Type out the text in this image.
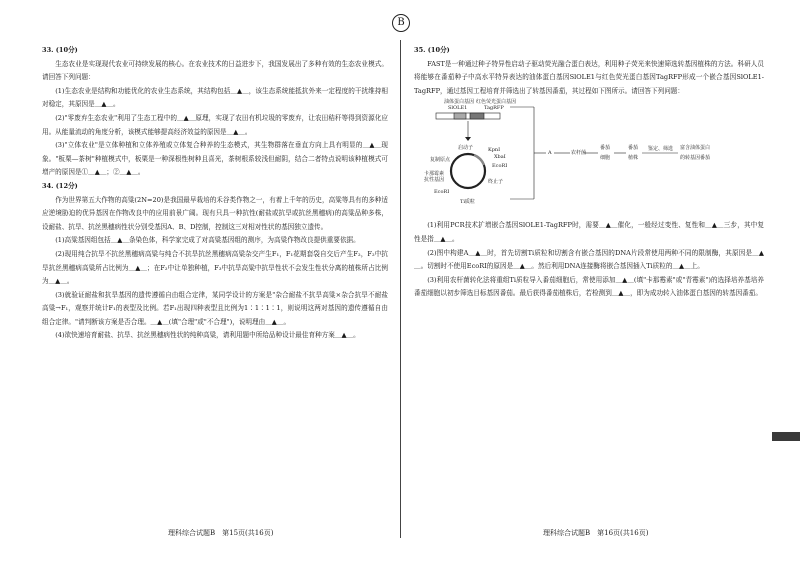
B

33. (10分)

生态农业是实现现代农业可持续发展的核心。在农业技术的日益进步下，我国发展出了多种有效的生态农业模式。请回答下列问题：

(1)生态农业是结构和功能优化的农业生态系统，其结构包括＿▲＿，该生态系统能抵抗外来一定程度的干扰维持相对稳定，其原因是＿▲＿。

(2)"零废弃生态农业"利用了生态工程中的＿▲＿原理，实现了农田有机垃圾的零废弃，让农田秸秆等得到资源化应用。从能量流动的角度分析，该模式能够提高经济效益的原因是＿▲＿。

(3)"立体农业"是立体种植和立体养殖或立体复合种养的生态模式，其生物群落在垂直方向上具有明显的＿▲＿现象。"板栗—茶树"种植模式中，板栗是一种深根性树种且喜光，茶树根系较浅但耐阴，结合二者特点说明该种植模式可增产的原因是①＿▲＿；②＿▲＿。

34. (12分)

作为世界第五大作物的高粱(2N=20)是我国最早栽培的禾谷类作物之一，有着上千年的历史，高粱等具有的多种适应逆境胁迫的优异基因在作物改良中的应用前景广阔。现有只具一种抗性(耐盐或抗旱或抗丝黑穗病)的高粱品种多株，设耐盐、抗旱、抗丝黑穗病性状分别受基因A、B、D控制，控制这三对相对性状的基因独立遗传。

(1)高粱基因组包括＿▲＿条染色体，科学家完成了对高粱基因组的测序，为高粱作物改良提供重要依据。

(2)现用纯合抗旱不抗丝黑穗病高粱与纯合不抗旱抗丝黑穗病高粱杂交产生F₁，F₁花期套袋自交后产生F₂，F₂中抗旱抗丝黑穗病高粱所占比例为＿▲＿；在F₂中让单独种植，F₃中抗旱高粱中抗旱性状不会发生性状分离的植株所占比例为＿▲＿。

(3)就验证耐盐和抗旱基因的遗传遵循自由组合定律，某同学设计的方案是"杂合耐盐不抗旱高粱×杂合抗旱不耐盐高粱→F₁，观察并统计F₁的表型及比例。若F₁出现四种表型且比例为1∶1∶1∶1，则说明这两对基因的遗传遵循自由组合定律。"请判断该方案是否合理。＿▲＿(填"合理"或"不合理")，说明理由＿▲＿。

(4)欲快速培育耐盐、抗旱、抗丝黑穗病性状的纯种高粱，请利用题中所给品种设计最佳育种方案＿▲＿。

35. (10分)

FAST是一种通过种子特异性启动子驱动荧光融合蛋白表达，利用种子荧光来快速筛选转基因植株的方法。科研人员将能够在番茄种子中高水平特异表达的油体蛋白基因SlOLE1与红色荧光蛋白基因TagRFP形成一个嵌合基因SlOLE1-TagRFP，通过基因工程培育并筛选出了转基因番茄，其过程如下图所示。请回答下列问题：

油体蛋白基因
SlOLE1
红色荧光蛋白基因
TagRFP
启动子	KpnⅠ
XbaⅠ
EcoRⅠ
复制原点
卡那霉素
抗性基因
EcoRⅠ
终止子
Ti质粒
A	农杆菌
番茄
细胞
番茄
植株
鉴定、筛选 富含油体蛋白
的转基因番茄

(1)利用PCR技术扩增嵌合基因SlOLE1-TagRFP时，需要＿▲＿催化，一般经过变性、复性和＿▲＿三步，其中复性是指＿▲＿。

(2)图中构建A＿▲＿时，首先切割Ti质粒和切割含有嵌合基因的DNA片段常使用两种不同的限制酶，其原因是＿▲＿。切割时不使用EcoRⅠ的原因是＿▲＿。然后利用DNA连接酶将嵌合基因插入Ti质粒的＿▲＿上。

(3)利用农杆菌转化法将重组Ti质粒导入番茄细胞后，常使用添加＿▲＿(填"卡那霉素"或"青霉素")的选择培养基培养番茄细胞以初步筛选目标基因番茄。最后获得番茄植株后，若检测到＿▲＿，即为成功转入油体蛋白基因的转基因番茄。

理科综合试题B　第15页(共16页)	理科综合试题B　第16页(共16页)
